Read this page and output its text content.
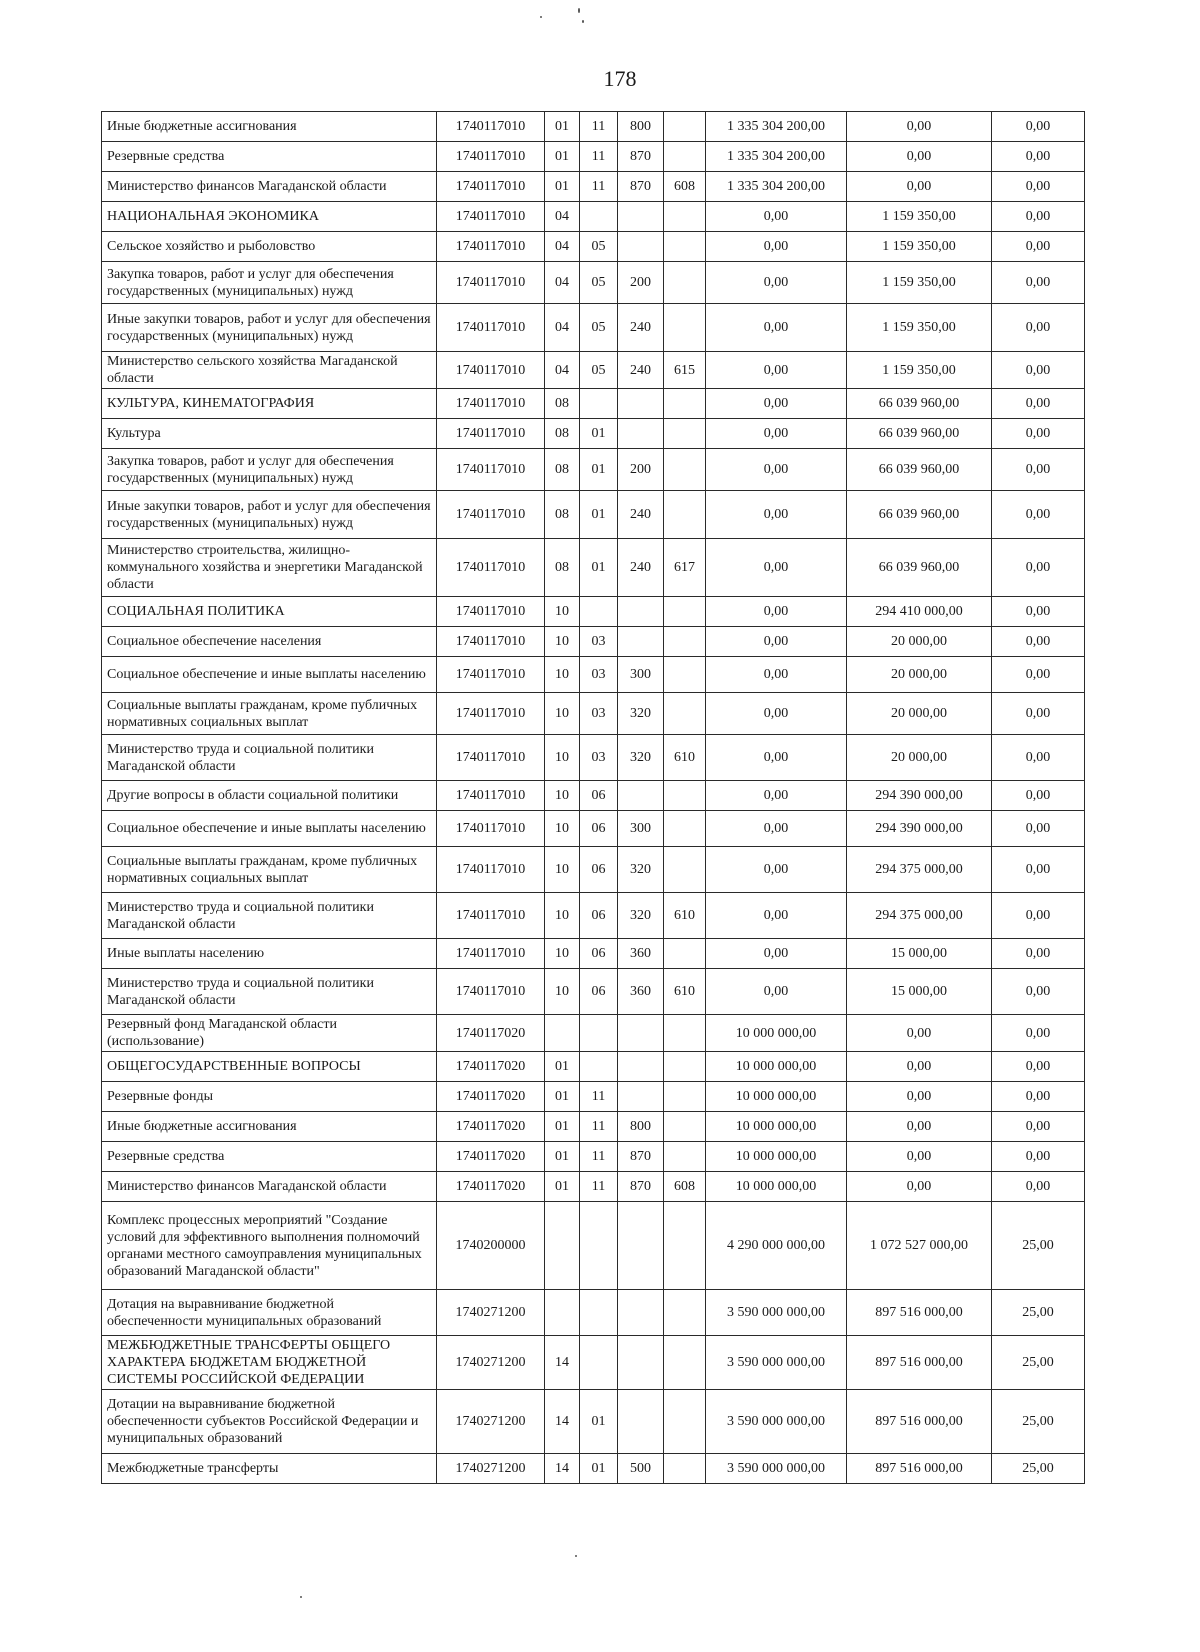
178
Иные бюджетные ассигнования	1740117010	01	11	800		1 335 304 200,00	0,00	0,00
Резервные средства	1740117010	01	11	870		1 335 304 200,00	0,00	0,00
Министерство финансов Магаданской области	1740117010	01	11	870	608	1 335 304 200,00	0,00	0,00
НАЦИОНАЛЬНАЯ ЭКОНОМИКА	1740117010	04				0,00	1 159 350,00	0,00
Сельское хозяйство и рыболовство	1740117010	04	05			0,00	1 159 350,00	0,00
Закупка товаров, работ и услуг для обеспечения государственных (муниципальных) нужд	1740117010	04	05	200		0,00	1 159 350,00	0,00
Иные закупки товаров, работ и услуг для обеспечения государственных (муниципальных) нужд	1740117010	04	05	240		0,00	1 159 350,00	0,00
Министерство сельского хозяйства Магаданской области	1740117010	04	05	240	615	0,00	1 159 350,00	0,00
КУЛЬТУРА, КИНЕМАТОГРАФИЯ	1740117010	08				0,00	66 039 960,00	0,00
Культура	1740117010	08	01			0,00	66 039 960,00	0,00
Закупка товаров, работ и услуг для обеспечения государственных (муниципальных) нужд	1740117010	08	01	200		0,00	66 039 960,00	0,00
Иные закупки товаров, работ и услуг для обеспечения государственных (муниципальных) нужд	1740117010	08	01	240		0,00	66 039 960,00	0,00
Министерство строительства, жилищно-коммунального хозяйства и энергетики Магаданской области	1740117010	08	01	240	617	0,00	66 039 960,00	0,00
СОЦИАЛЬНАЯ ПОЛИТИКА	1740117010	10				0,00	294 410 000,00	0,00
Социальное обеспечение населения	1740117010	10	03			0,00	20 000,00	0,00
Социальное обеспечение и иные выплаты населению	1740117010	10	03	300		0,00	20 000,00	0,00
Социальные выплаты гражданам, кроме публичных нормативных социальных выплат	1740117010	10	03	320		0,00	20 000,00	0,00
Министерство труда и социальной политики Магаданской области	1740117010	10	03	320	610	0,00	20 000,00	0,00
Другие вопросы в области социальной политики	1740117010	10	06			0,00	294 390 000,00	0,00
Социальное обеспечение и иные выплаты населению	1740117010	10	06	300		0,00	294 390 000,00	0,00
Социальные выплаты гражданам, кроме публичных нормативных социальных выплат	1740117010	10	06	320		0,00	294 375 000,00	0,00
Министерство труда и социальной политики Магаданской области	1740117010	10	06	320	610	0,00	294 375 000,00	0,00
Иные выплаты населению	1740117010	10	06	360		0,00	15 000,00	0,00
Министерство труда и социальной политики Магаданской области	1740117010	10	06	360	610	0,00	15 000,00	0,00
Резервный фонд Магаданской области (использование)	1740117020					10 000 000,00	0,00	0,00
ОБЩЕГОСУДАРСТВЕННЫЕ ВОПРОСЫ	1740117020	01				10 000 000,00	0,00	0,00
Резервные фонды	1740117020	01	11			10 000 000,00	0,00	0,00
Иные бюджетные ассигнования	1740117020	01	11	800		10 000 000,00	0,00	0,00
Резервные средства	1740117020	01	11	870		10 000 000,00	0,00	0,00
Министерство финансов Магаданской области	1740117020	01	11	870	608	10 000 000,00	0,00	0,00
Комплекс процессных мероприятий "Создание условий для эффективного выполнения полномочий органами местного самоуправления муниципальных образований Магаданской области"	1740200000					4 290 000 000,00	1 072 527 000,00	25,00
Дотация на выравнивание бюджетной обеспеченности муниципальных образований	1740271200					3 590 000 000,00	897 516 000,00	25,00
МЕЖБЮДЖЕТНЫЕ ТРАНСФЕРТЫ ОБЩЕГО ХАРАКТЕРА БЮДЖЕТАМ БЮДЖЕТНОЙ СИСТЕМЫ РОССИЙСКОЙ ФЕДЕРАЦИИ	1740271200	14				3 590 000 000,00	897 516 000,00	25,00
Дотации на выравнивание бюджетной обеспеченности субъектов Российской Федерации и муниципальных образований	1740271200	14	01			3 590 000 000,00	897 516 000,00	25,00
Межбюджетные трансферты	1740271200	14	01	500		3 590 000 000,00	897 516 000,00	25,00
